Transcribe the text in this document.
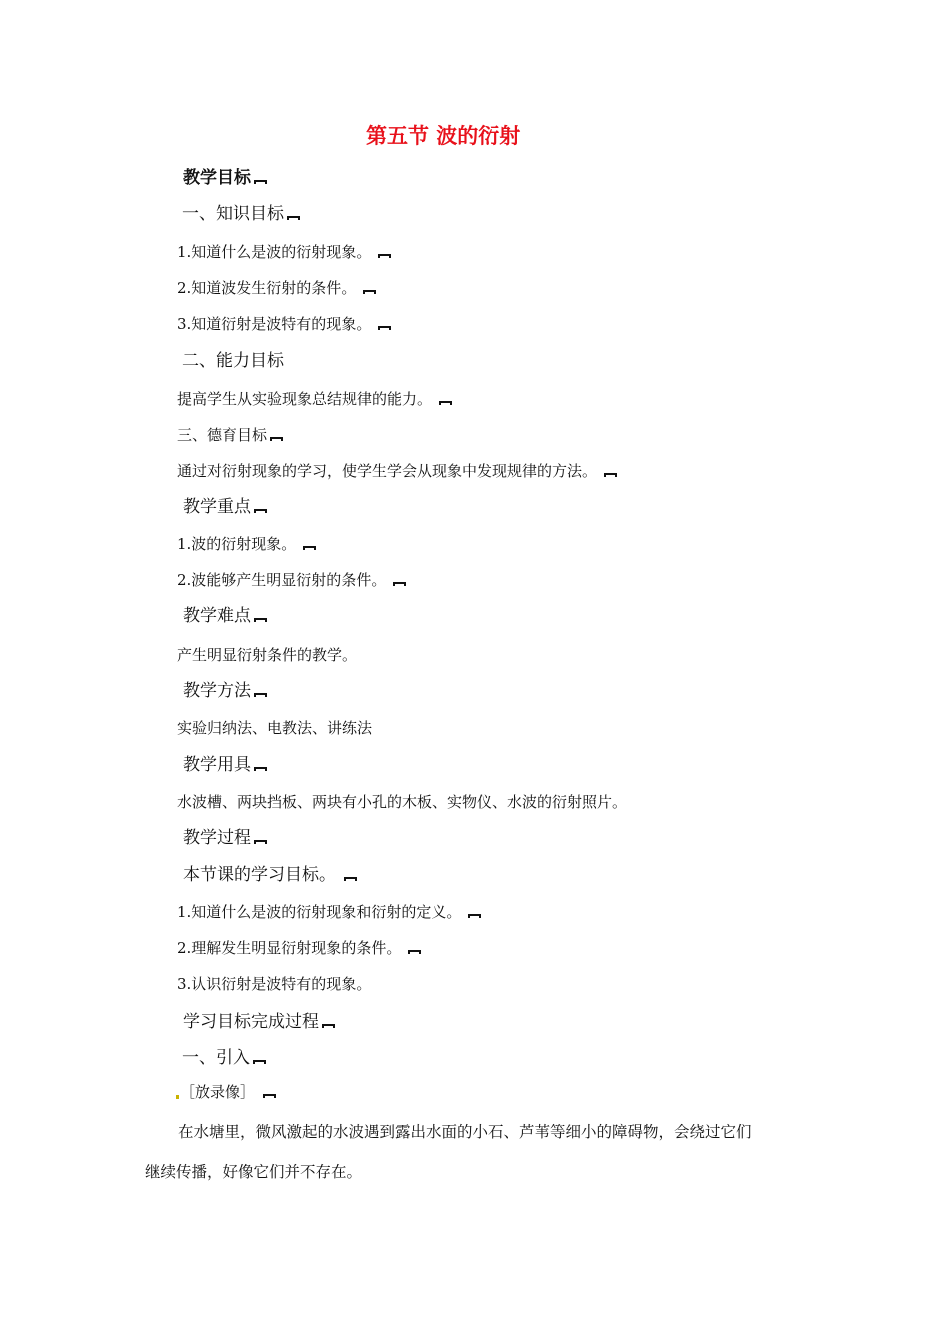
第五节 波的衍射
教学目标
一、知识目标
1.知道什么是波的衍射现象。
2.知道波发生衍射的条件。
3.知道衍射是波特有的现象。
二、能力目标
提高学生从实验现象总结规律的能力。
三、德育目标
通过对衍射现象的学习，使学生学会从现象中发现规律的方法。
教学重点
1.波的衍射现象。
2.波能够产生明显衍射的条件。
教学难点
产生明显衍射条件的教学。
教学方法
实验归纳法、电教法、讲练法
教学用具
水波槽、两块挡板、两块有小孔的木板、实物仪、水波的衍射照片。
教学过程
本节课的学习目标。
1.知道什么是波的衍射现象和衍射的定义。
2.理解发生明显衍射现象的条件。
3.认识衍射是波特有的现象。
学习目标完成过程
一、引入
［放录像］
在水塘里，微风激起的水波遇到露出水面的小石、芦苇等细小的障碍物，会绕过它们
继续传播，好像它们并不存在。
